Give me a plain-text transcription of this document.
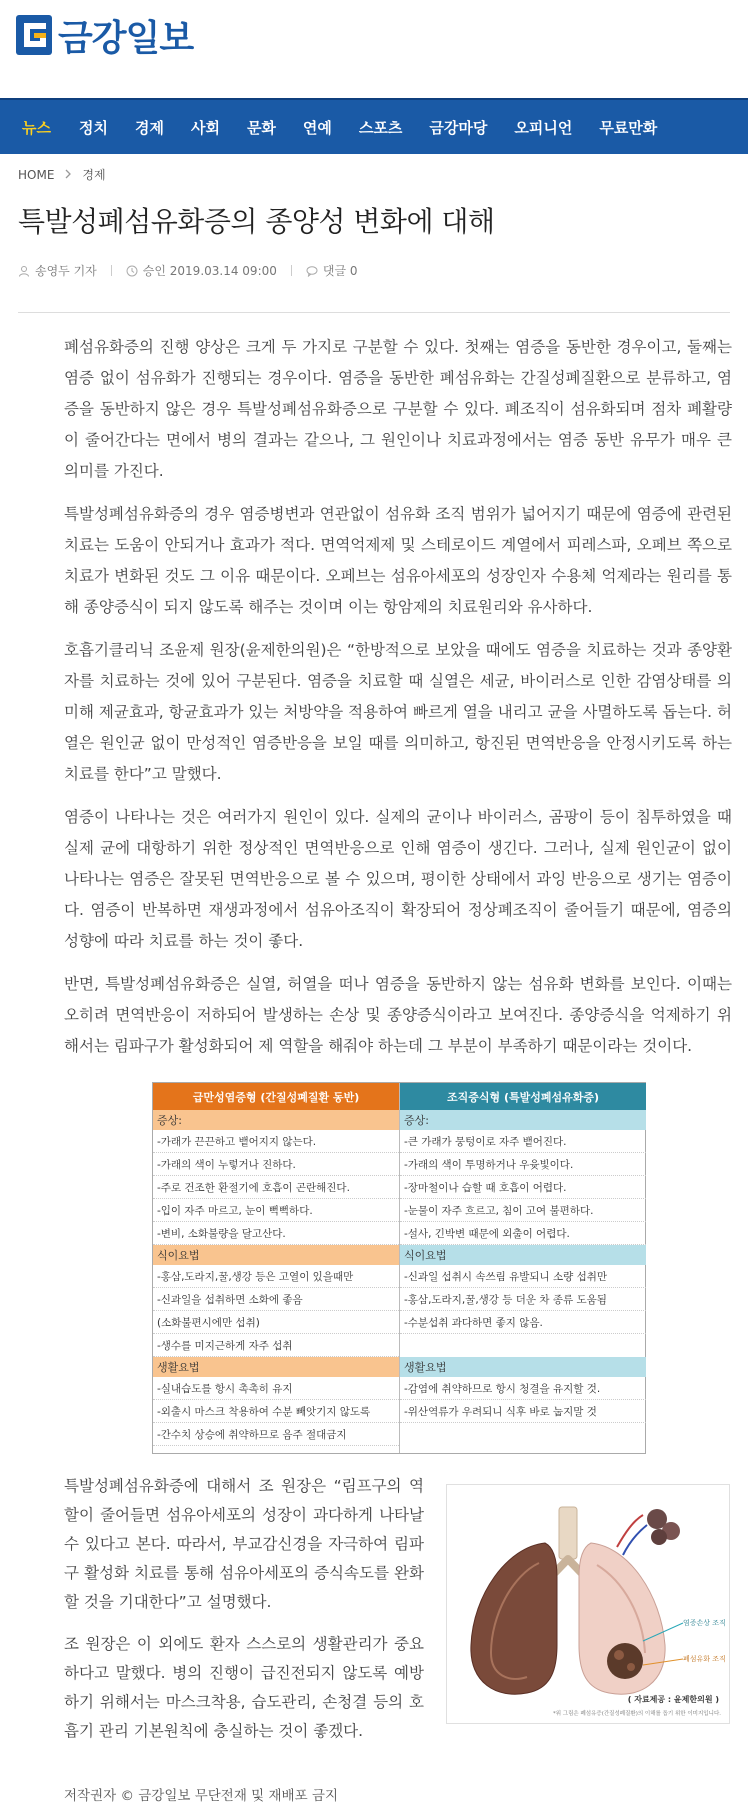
금강일보
뉴스 정치 경제 사회 문화 연예 스포츠 금강마당 오피니언 무료만화
HOME 경제
특발성폐섬유화증의 종양성 변화에 대해
송영두 기자	승인 2019.03.14 09:00	댓글 0

폐섬유화증의 진행 양상은 크게 두 가지로 구분할 수 있다. 첫째는 염증을 동반한 경우이고, 둘째는 염증 없이 섬유화가 진행되는 경우이다. 염증을 동반한 폐섬유화는 간질성폐질환으로 분류하고, 염증을 동반하지 않은 경우 특발성폐섬유화증으로 구분할 수 있다. 폐조직이 섬유화되며 점차 폐활량이 줄어간다는 면에서 병의 결과는 같으나, 그 원인이나 치료과정에서는 염증 동반 유무가 매우 큰 의미를 가진다.

특발성폐섬유화증의 경우 염증병변과 연관없이 섬유화 조직 범위가 넓어지기 때문에 염증에 관련된 치료는 도움이 안되거나 효과가 적다. 면역억제제 및 스테로이드 계열에서 피레스파, 오페브 쪽으로 치료가 변화된 것도 그 이유 때문이다. 오페브는 섬유아세포의 성장인자 수용체 억제라는 원리를 통해 종양증식이 되지 않도록 해주는 것이며 이는 항암제의 치료원리와 유사하다.

호흡기클리닉 조윤제 원장(윤제한의원)은 “한방적으로 보았을 때에도 염증을 치료하는 것과 종양환자를 치료하는 것에 있어 구분된다. 염증을 치료할 때 실열은 세균, 바이러스로 인한 감염상태를 의미해 제균효과, 항균효과가 있는 처방약을 적용하여 빠르게 열을 내리고 균을 사멸하도록 돕는다. 허열은 원인균 없이 만성적인 염증반응을 보일 때를 의미하고, 항진된 면역반응을 안정시키도록 하는 치료를 한다”고 말했다.

염증이 나타나는 것은 여러가지 원인이 있다. 실제의 균이나 바이러스, 곰팡이 등이 침투하였을 때 실제 균에 대항하기 위한 정상적인 면역반응으로 인해 염증이 생긴다. 그러나, 실제 원인균이 없이 나타나는 염증은 잘못된 면역반응으로 볼 수 있으며, 평이한 상태에서 과잉 반응으로 생기는 염증이다. 염증이 반복하면 재생과정에서 섬유아조직이 확장되어 정상폐조직이 줄어들기 때문에, 염증의 성향에 따라 치료를 하는 것이 좋다.

반면, 특발성폐섬유화증은 실열, 허열을 떠나 염증을 동반하지 않는 섬유화 변화를 보인다. 이때는 오히려 면역반응이 저하되어 발생하는 손상 및 종양증식이라고 보여진다. 종양증식을 억제하기 위해서는 림파구가 활성화되어 제 역할을 해줘야 하는데 그 부분이 부족하기 때문이라는 것이다.

급만성염증형 (간질성폐질환 동반)
증상:
-가래가 끈끈하고 뱉어지지 않는다.
-가래의 색이 누렇거나 진하다.
-주로 건조한 환절기에 호흡이 곤란해진다.
-입이 자주 마르고, 눈이 뻑뻑하다.
-변비, 소화불량을 달고산다.
식이요법
-홍삼,도라지,꿀,생강 등은 고열이 있을때만
-신과일을 섭취하면 소화에 좋음
(소화불편시에만 섭취)
-생수를 미지근하게 자주 섭취
생활요법
-실내습도를 항시 촉촉히 유지
-외출시 마스크 착용하여 수분 빼앗기지 않도록
-간수치 상승에 취약하므로 음주 절대금지
조직증식형 (특발성폐섬유화증)
증상:
-큰 가래가 뭉텅이로 자주 뱉어진다.
-가래의 색이 투명하거나 우윳빛이다.
-장마철이나 습할 때 호흡이 어렵다.
-눈물이 자주 흐르고, 침이 고여 불편하다.
-설사, 긴박변 때문에 외출이 어렵다.
식이요법
-신과일 섭취시 속쓰림 유발되니 소량 섭취만
-홍삼,도라지,꿀,생강 등 더운 차 종류 도움됨
-수분섭취 과다하면 좋지 않음.
생활요법
-감염에 취약하므로 항시 청결을 유지할 것.
-위산역류가 우려되니 식후 바로 눕지말 것

특발성폐섬유화증에 대해서 조 원장은 “림프구의 역할이 줄어들면 섬유아세포의 성장이 과다하게 나타날 수 있다고 본다. 따라서, 부교감신경을 자극하여 림파구 활성화 치료를 통해 섬유아세포의 증식속도를 완화할 것을 기대한다”고 설명했다.

조 원장은 이 외에도 환자 스스로의 생활관리가 중요하다고 말했다. 병의 진행이 급진전되지 않도록 예방하기 위해서는 마스크착용, 습도관리, 손청결 등의 호흡기 관리 기본원칙에 충실하는 것이 좋겠다.

염증손상 조직
폐섬유화 조직
( 자료제공 : 윤제한의원 )
*위 그림은 폐섬유증(간질성폐질환)의 이해를 돕기 위한 이미지입니다.
저작권자 © 금강일보 무단전재 및 재배포 금지
